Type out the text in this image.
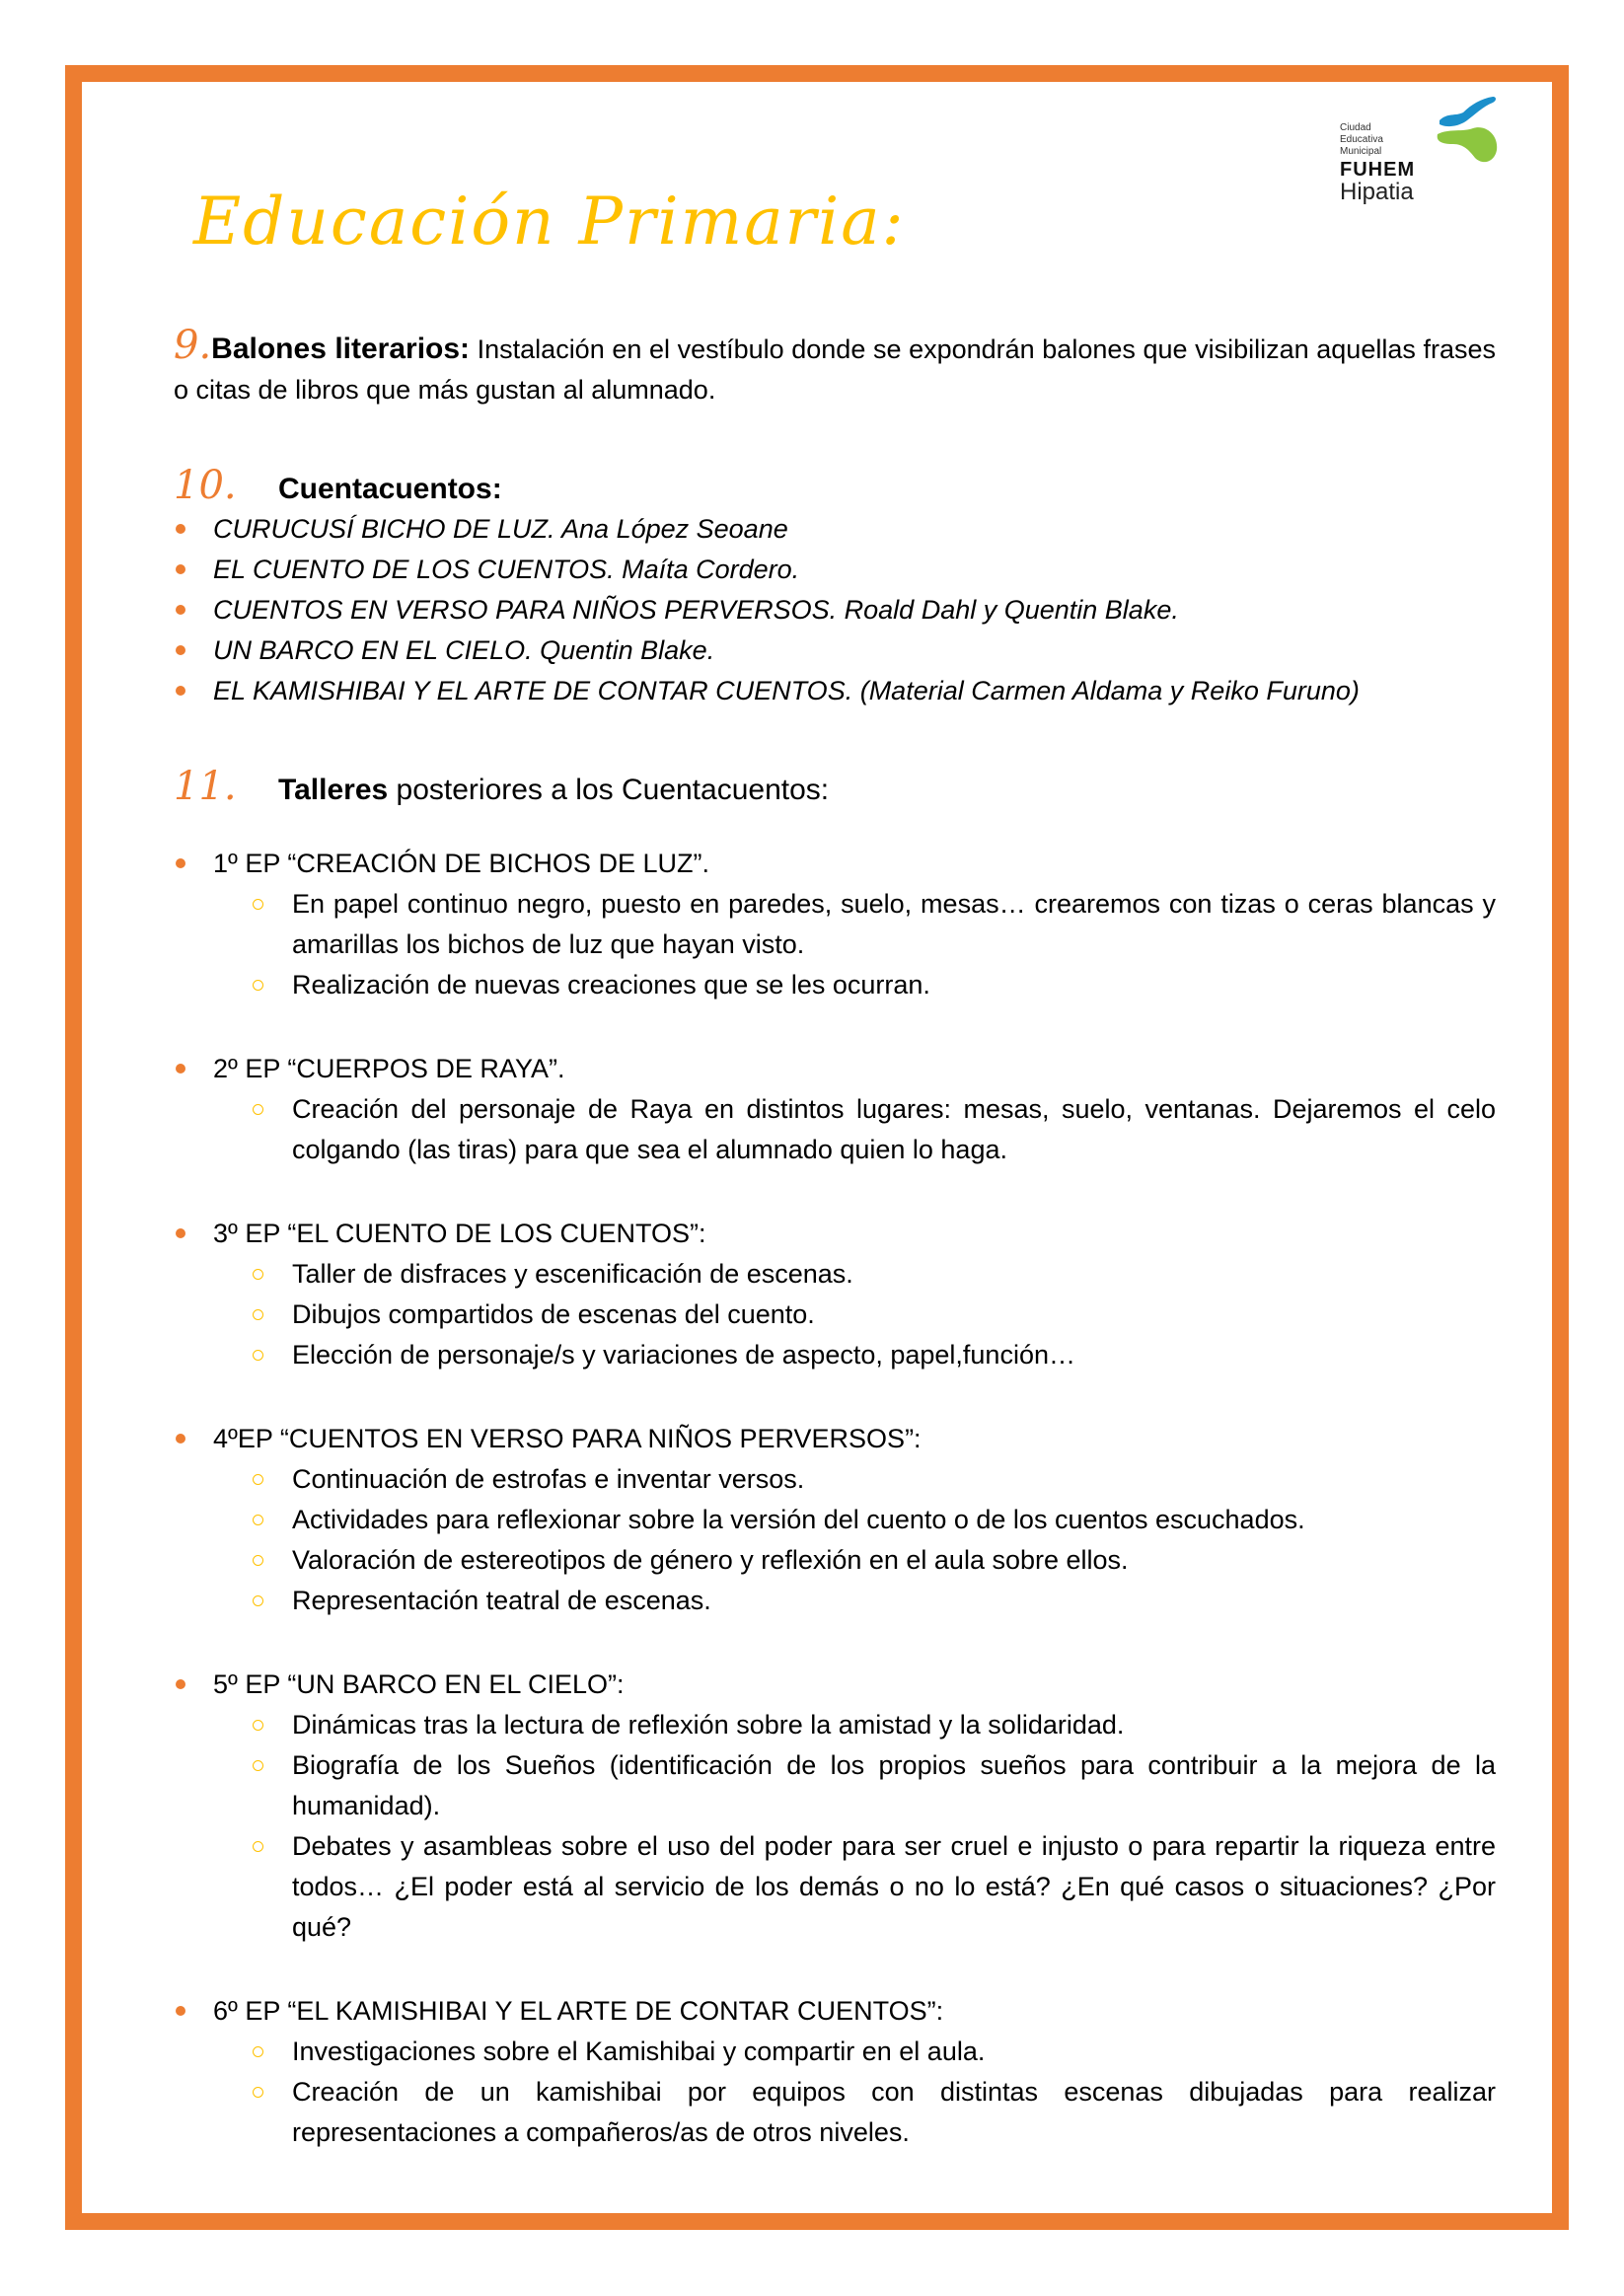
Ciudad
Educativa
Municipal
FUHEM
Hipatia
Educación Primaria:
9.Balones literarios: Instalación en el vestíbulo donde se expondrán balones que visibilizan aquellas frases o citas de libros que más gustan al alumnado.
10.	Cuentacuentos:
CURUCUSÍ BICHO DE LUZ. Ana López Seoane
EL CUENTO DE LOS CUENTOS. Maíta Cordero.
CUENTOS EN VERSO PARA NIÑOS PERVERSOS. Roald Dahl y Quentin Blake.
UN BARCO EN EL CIELO. Quentin Blake.
EL KAMISHIBAI Y EL ARTE DE CONTAR CUENTOS. (Material Carmen Aldama y Reiko Furuno)
11.	Talleres posteriores a los Cuentacuentos:
1º EP “CREACIÓN DE BICHOS DE LUZ”.
En papel continuo negro, puesto en paredes, suelo, mesas… crearemos con tizas o ceras blancas y amarillas los bichos de luz que hayan visto.
Realización de nuevas creaciones que se les ocurran.
2º EP “CUERPOS DE RAYA”.
Creación del personaje de Raya en distintos lugares: mesas, suelo, ventanas. Dejaremos el celo colgando (las tiras) para que sea el alumnado quien lo haga.
3º EP “EL CUENTO DE LOS CUENTOS”:
Taller de disfraces y escenificación de escenas.
Dibujos compartidos de escenas del cuento.
Elección de personaje/s y variaciones de aspecto, papel,función…
4ºEP “CUENTOS EN VERSO PARA NIÑOS PERVERSOS”:
Continuación de estrofas e inventar versos.
Actividades para reflexionar sobre la versión del cuento o de los cuentos escuchados.
Valoración de estereotipos de género y reflexión en el aula sobre ellos.
Representación teatral de escenas.
5º EP “UN BARCO EN EL CIELO”:
Dinámicas tras la lectura de reflexión sobre la amistad y la solidaridad.
Biografía de los Sueños (identificación de los propios sueños para contribuir a la mejora de la humanidad).
Debates y asambleas sobre el uso del poder para ser cruel e injusto o para repartir la riqueza entre todos… ¿El poder está al servicio de los demás o no lo está? ¿En qué casos o situaciones? ¿Por qué?
6º EP “EL KAMISHIBAI Y EL ARTE DE CONTAR CUENTOS”:
Investigaciones sobre el Kamishibai y compartir en el aula.
Creación de un kamishibai por equipos con distintas escenas dibujadas para realizar representaciones a compañeros/as de otros niveles.
